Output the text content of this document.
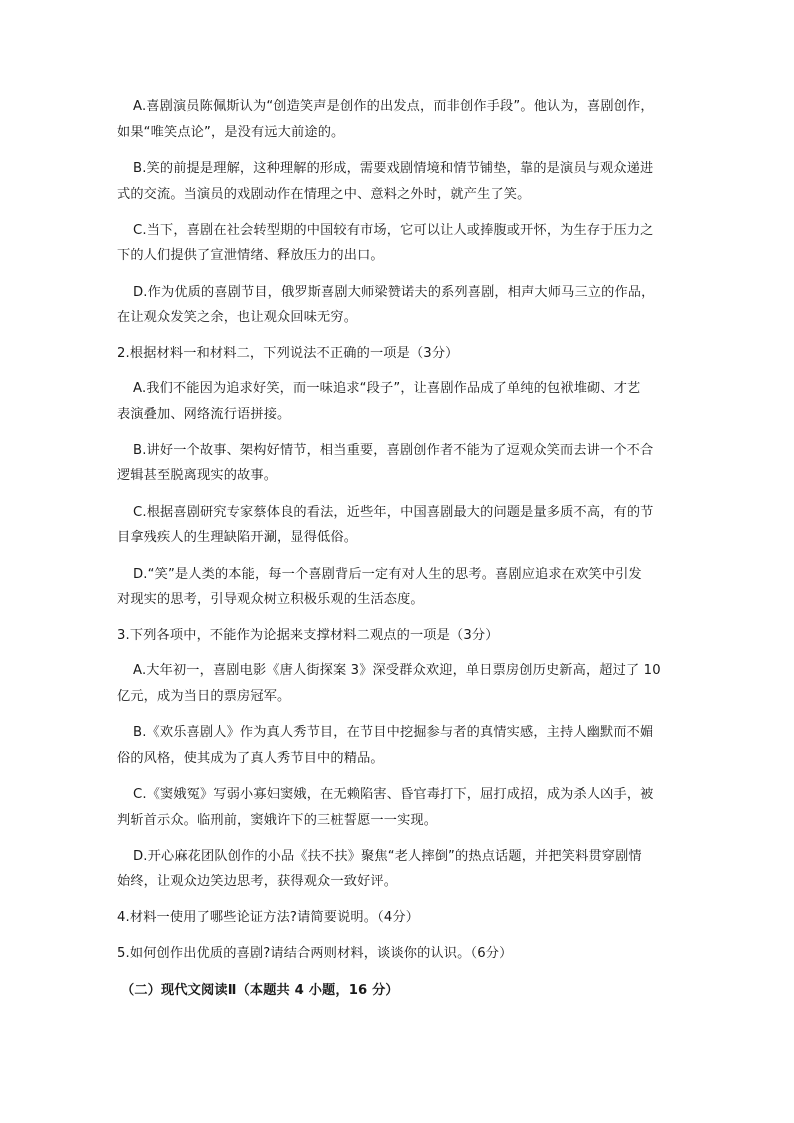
A.喜剧演员陈佩斯认为“创造笑声是创作的出发点，而非创作手段”。他认为，喜剧创作，
如果“唯笑点论”，是没有远大前途的。
B.笑的前提是理解，这种理解的形成，需要戏剧情境和情节铺垫，靠的是演员与观众递进
式的交流。当演员的戏剧动作在情理之中、意料之外时，就产生了笑。
C.当下，喜剧在社会转型期的中国较有市场，它可以让人或捧腹或开怀，为生存于压力之
下的人们提供了宣泄情绪、释放压力的出口。
D.作为优质的喜剧节目，俄罗斯喜剧大师梁赞诺夫的系列喜剧，相声大师马三立的作品，
在让观众发笑之余，也让观众回味无穷。
2.根据材料一和材料二，下列说法不正确的一项是（3分）
A.我们不能因为追求好笑，而一味追求“段子”，让喜剧作品成了单纯的包袱堆砌、才艺
表演叠加、网络流行语拼接。
B.讲好一个故事、架构好情节，相当重要，喜剧创作者不能为了逗观众笑而去讲一个不合
逻辑甚至脱离现实的故事。
C.根据喜剧研究专家蔡体良的看法，近些年，中国喜剧最大的问题是量多质不高，有的节
目拿残疾人的生理缺陷开涮，显得低俗。
D.“笑”是人类的本能，每一个喜剧背后一定有对人生的思考。喜剧应追求在欢笑中引发
对现实的思考，引导观众树立积极乐观的生活态度。
3.下列各项中，不能作为论据来支撑材料二观点的一项是（3分）
A.大年初一，喜剧电影《唐人街探案 3》深受群众欢迎，单日票房创历史新高，超过了 10
亿元，成为当日的票房冠军。
B.《欢乐喜剧人》作为真人秀节目，在节目中挖掘参与者的真情实感，主持人幽默而不媚
俗的风格，使其成为了真人秀节目中的精品。
C.《窦娥冤》写弱小寡妇窦娥，在无赖陷害、昏官毒打下，屈打成招，成为杀人凶手，被
判斩首示众。临刑前，窦娥许下的三桩誓愿一一实现。
D.开心麻花团队创作的小品《扶不扶》聚焦“老人摔倒”的热点话题，并把笑料贯穿剧情
始终，让观众边笑边思考，获得观众一致好评。
4.材料一使用了哪些论证方法?请简要说明。（4分）
5.如何创作出优质的喜剧?请结合两则材料，谈谈你的认识。（6分）
（二）现代文阅读Ⅱ（本题共 4 小题，16 分）
